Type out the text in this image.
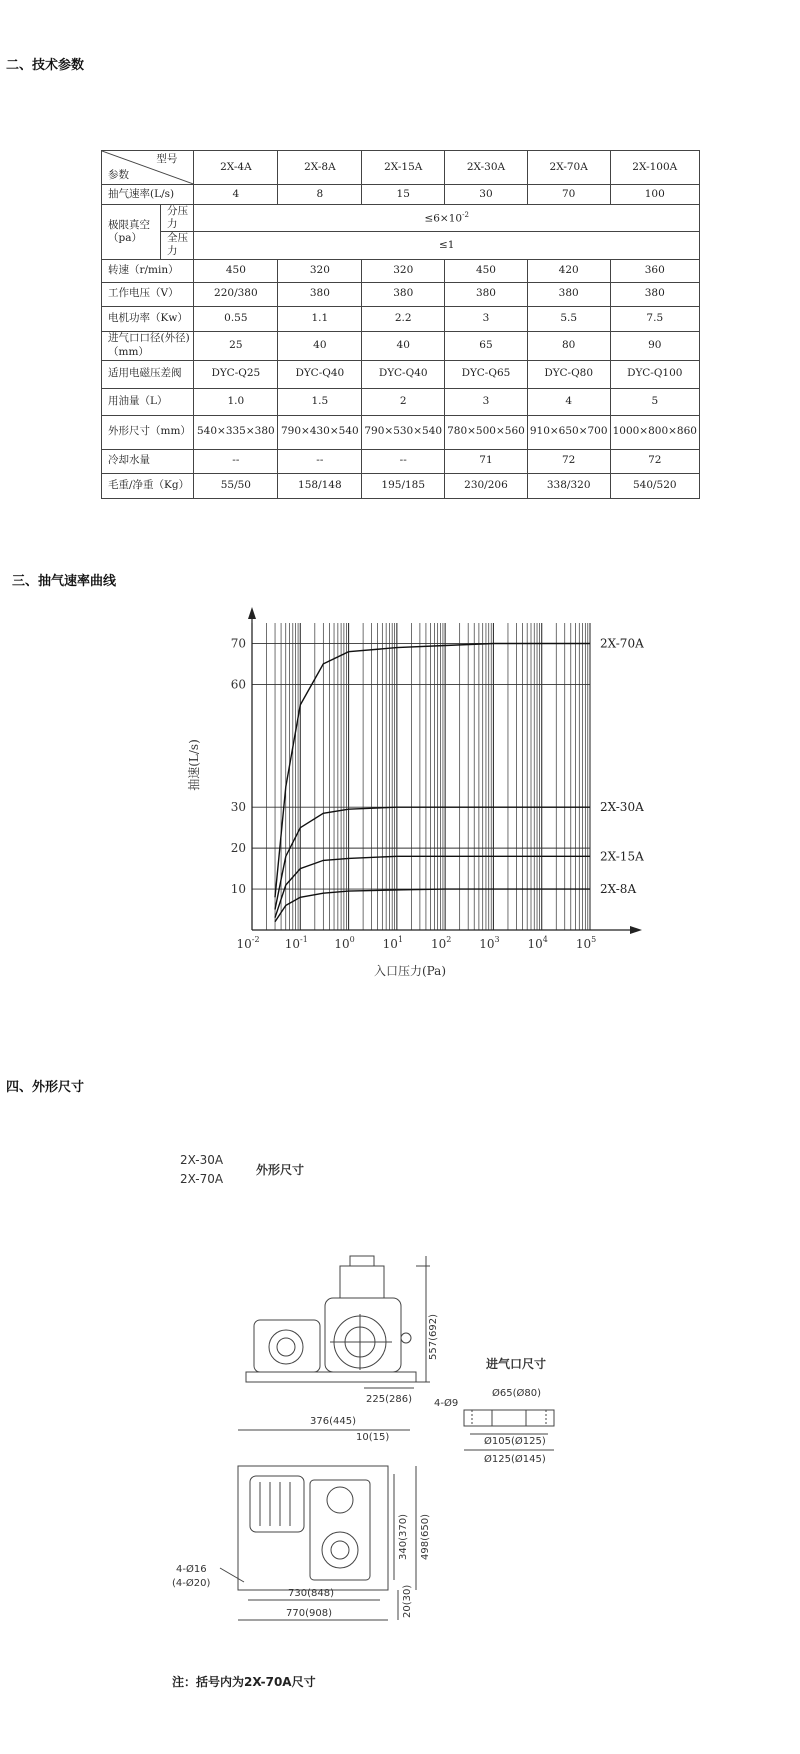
二、技术参数
三、抽气速率曲线
四、外形尺寸
型号
参数		2X-4A	2X-8A	2X-15A	2X-30A	2X-70A	2X-100A
抽气速率(L/s)		4	8	15	30	70	100
极限真空（pa）	分压力	$\le 6\times 10^{-2}$
	全压力	≤1					
转速（r/min）		450	320	320	450	420	360
工作电压（V）		220/380	380	380	380	380	380
电机功率（Kw）		0.55	1.1	2.2	3	5.5	7.5
进气口口径(外径)（mm）		25	40	40	65	80	90
适用电磁压差阀		DYC-Q25	DYC-Q40	DYC-Q40	DYC-Q65	DYC-Q80	DYC-Q100
用油量（L）		1.0	1.5	2	3	4	5
外形尺寸（mm）		540×335×380	790×430×540	790×530×540	780×500×560	910×650×700	1000×800×860
冷却水量		--	--	--	71	72	72
毛重/净重（Kg）		55/50	158/148	195/185	230/206	338/320	540/520
10
20
30
60
70
$10^{-2}$ $10^{-1}$ $10^0$ $10^1$ $10^2$ $10^3$ $10^4$ $10^5$
2X-70A
2X-30A
2X-15A
2X-8A
抽速(L/s)
入口压力(Pa)
2X-30A
2X-70A
外形尺寸
557(692)
225(286)
376(445)
10(15)
340(370) 498(650)
20(30)
730(848)
770(908)
4-Ø16
(4-Ø20)
进气口尺寸
Ø65(Ø80)
4-Ø9
Ø105(Ø125)
Ø125(Ø145)
注：括号内为2X-70A尺寸
